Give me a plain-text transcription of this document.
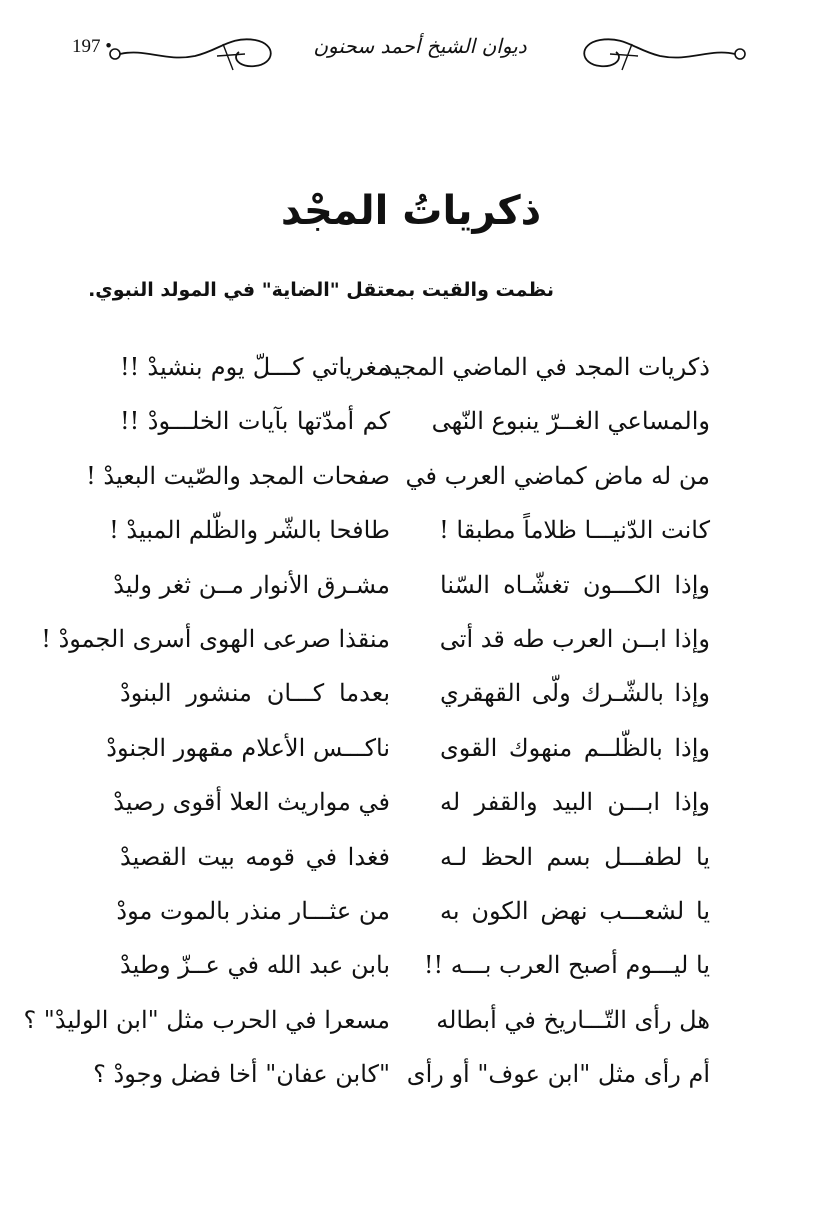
197 •	ديوان الشيخ أحمد سحنون
ذكرياتُ المجْد
نظمت والقيت بمعتقل "الضاية" في المولد النبوي.
ذكريات المجد في الماضي المجيد
مغرياتي كـــلّ يوم بنشيدْ !!
والمساعي الغــرّ ينبوع النّهى
كم أمدّتها بآيات الخلـــودْ !!
من له ماض كماضي العرب في
صفحات المجد والصّيت البعيدْ !
كانت الدّنيـــا ظلاماً مطبقا !
طافحا بالشّر والظّلم المبيدْ !
وإذا الكـــون تغشّـاه السّنا
مشـرق الأنوار مــن ثغر وليدْ
وإذا ابــن العرب طه قد أتى
منقذا صرعى الهوى أسرى الجمودْ !
وإذا بالشّـرك ولّى القهقري
بعدما كـــان منشور البنودْ
وإذا بالظّلــم منهوك القوى
ناكـــس الأعلام مقهور الجنودْ
وإذا ابـــن البيد والقفر له
في مواريث العلا أقوى رصيدْ
يا لطفـــل بسم الحظ لـه
فغدا في قومه بيت القصيدْ
يا لشعـــب نهض الكون به
من عثـــار منذر بالموت مودْ
يا ليـــوم أصبح العرب بـــه !!
بابن عبد الله في عــزّ وطيدْ
هل رأى التّـــاريخ في أبطاله
مسعرا في الحرب مثل "ابن الوليدْ" ؟
أم رأى مثل "ابن عوف" أو رأى
"كابن عفان" أخا فضل وجودْ ؟
